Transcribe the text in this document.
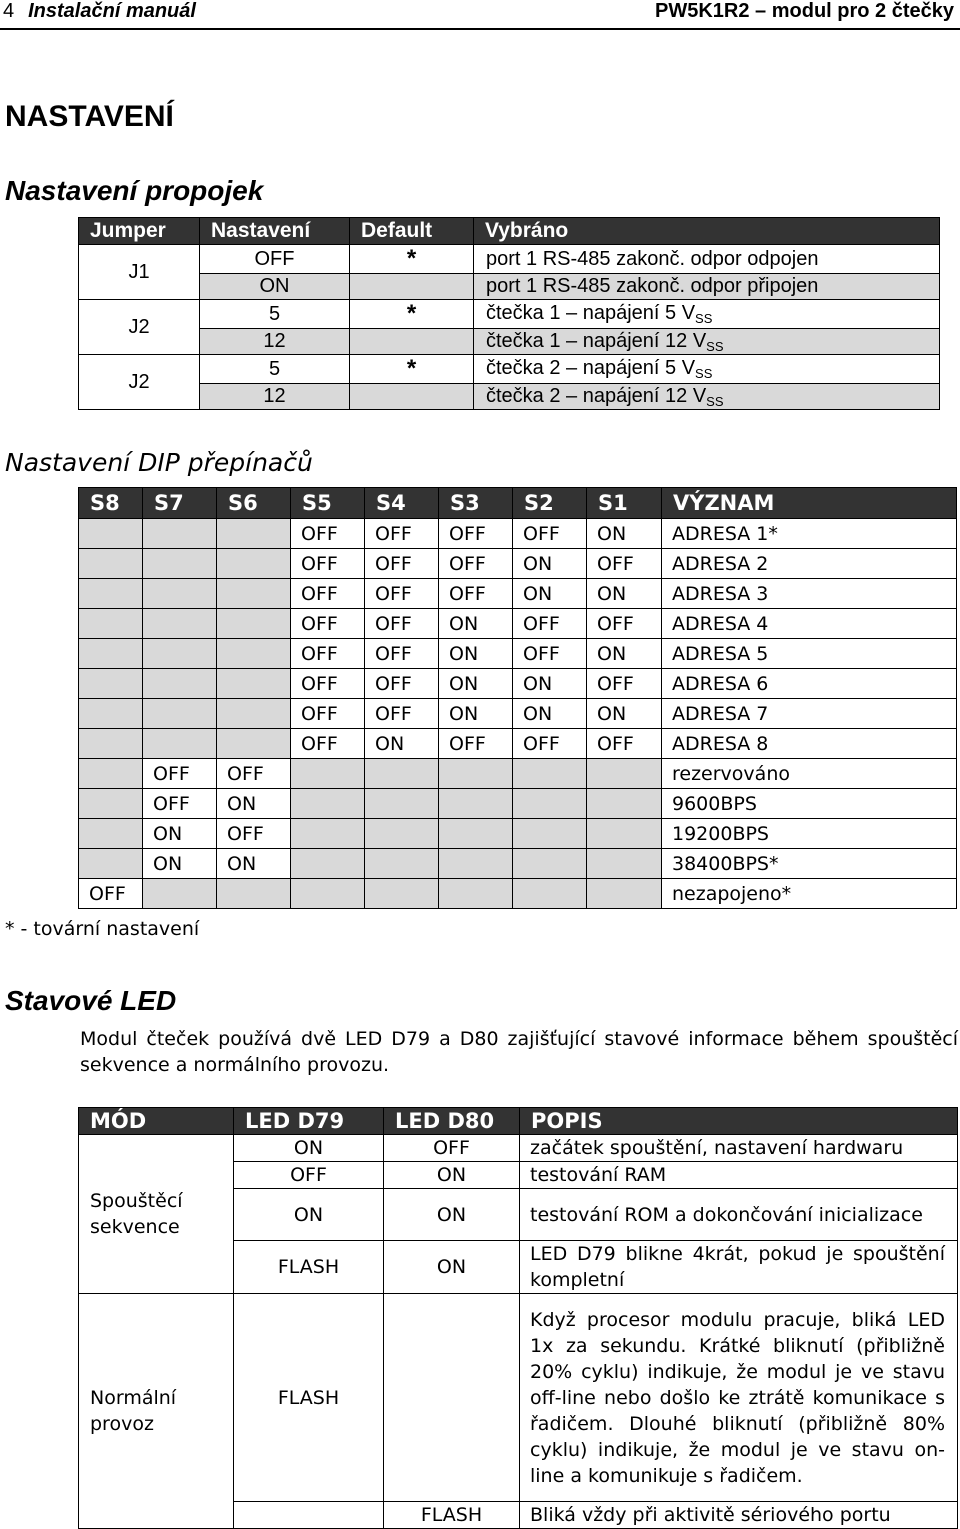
4 Instalační manuál	PW5K1R2 – modul pro 2 čtečky
NASTAVENÍ
Nastavení propojek
Jumper	Nastavení	Default	Vybráno
J1	OFF	*	port 1 RS-485 zakonč. odpor odpojen
	ON		port 1 RS-485 zakonč. odpor připojen
J2	5	*	čtečka 1 – napájení 5 $V_{SS}$
	12		čtečka 1 – napájení 12 $V_{SS}$
J2	5	*	čtečka 2 – napájení 5 $V_{SS}$
	12		čtečka 2 – napájení 12 $V_{SS}$
Nastavení DIP přepínačů
S8	S7	S6	S5	S4	S3	S2	S1	VÝZNAM
			OFF	OFF	OFF	OFF	ON	ADRESA 1*
			OFF	OFF	OFF	ON	OFF	ADRESA 2
			OFF	OFF	OFF	ON	ON	ADRESA 3
			OFF	OFF	ON	OFF	OFF	ADRESA 4
			OFF	OFF	ON	OFF	ON	ADRESA 5
			OFF	OFF	ON	ON	OFF	ADRESA 6
			OFF	OFF	ON	ON	ON	ADRESA 7
			OFF	ON	OFF	OFF	OFF	ADRESA 8
	OFF	OFF						rezervováno
	OFF	ON						9600BPS
	ON	OFF						19200BPS
	ON	ON						38400BPS*
OFF								nezapojeno*
* - tovární nastavení
Stavové LED
Modul čteček používá dvě LED D79 a D80 zajišťující stavové informace během spouštěcí sekvence a normálního provozu.
MÓD	LED D79	LED D80	POPIS
Spouštěcí sekvence	ON	OFF	začátek spouštění, nastavení hardwaru
	OFF	ON	testování RAM
	ON	ON	testování ROM a dokončování inicializace
	FLASH	ON	LED D79 blikne 4krát, pokud je spouštění kompletní
Normální provoz	FLASH		Když procesor modulu pracuje, bliká LED 1x za sekundu. Krátké bliknutí (přibližně 20% cyklu) indikuje, že modul je ve stavu off-line nebo došlo ke ztrátě komunikace s řadičem. Dlouhé bliknutí (přibližně 80% cyklu) indikuje, že modul je ve stavu on-line a komunikuje s řadičem.
		FLASH	Bliká vždy při aktivitě sériového portu
